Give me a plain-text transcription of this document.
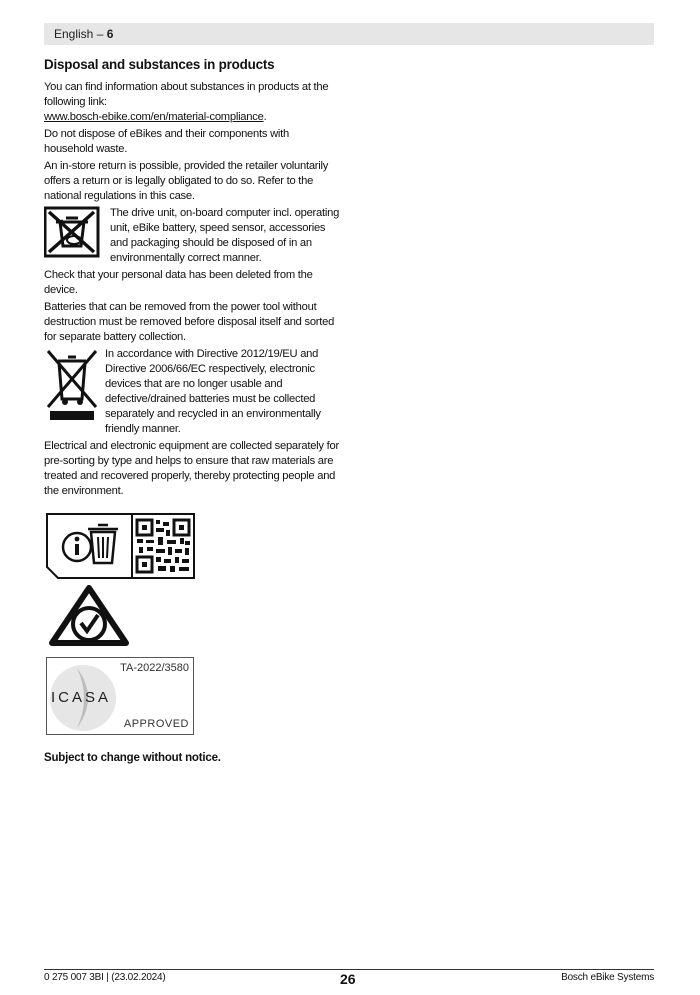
English – 6
Disposal and substances in products

You can find information about substances in products at the following link:
www.bosch-ebike.com/en/material-compliance.

Do not dispose of eBikes and their components with household waste.

An in-store return is possible, provided the retailer voluntarily offers a return or is legally obligated to do so. Refer to the national regulations in this case.

The drive unit, on-board computer incl. operating unit, eBike battery, speed sensor, accessories and packaging should be disposed of in an environmentally correct manner.

Check that your personal data has been deleted from the device.

Batteries that can be removed from the power tool without destruction must be removed before disposal itself and sorted for separate battery collection.

In accordance with Directive 2012/19/EU and Directive 2006/66/EC respectively, electronic devices that are no longer usable and defective/drained batteries must be collected separately and recycled in an environmentally friendly manner.

Electrical and electronic equipment are collected separately for pre-sorting by type and helps to ensure that raw materials are treated and recovered properly, thereby protecting people and the environment.

ICASA
TA-2022/3580
APPROVED
Subject to change without notice.
0 275 007 3BI | (23.02.2024)	26	Bosch eBike Systems
